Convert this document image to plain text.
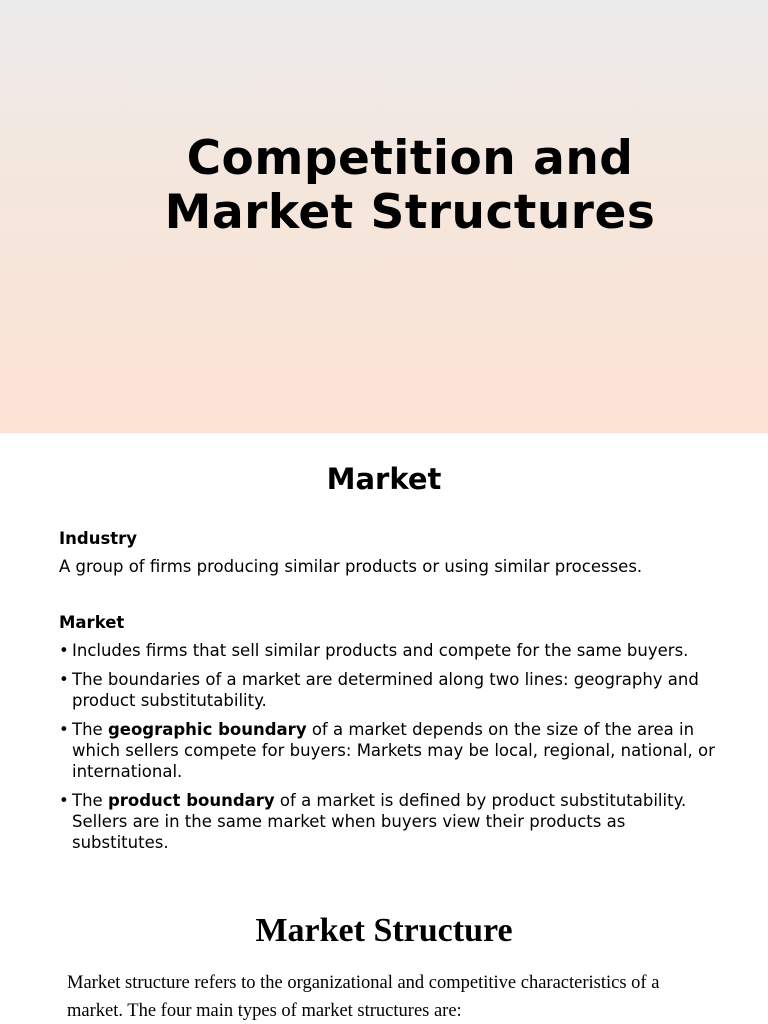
Competition and
Market Structures
Market
Industry
A group of firms producing similar products or using similar processes.
Market
• Includes firms that sell similar products and compete for the same buyers.
• The boundaries of a market are determined along two lines: geography and product substitutability.
• The geographic boundary of a market depends on the size of the area in which sellers compete for buyers: Markets may be local, regional, national, or international.
• The product boundary of a market is defined by product substitutability. Sellers are in the same market when buyers view their products as substitutes.
Market Structure

Market structure refers to the organizational and competitive characteristics of a market. The four main types of market structures are:
